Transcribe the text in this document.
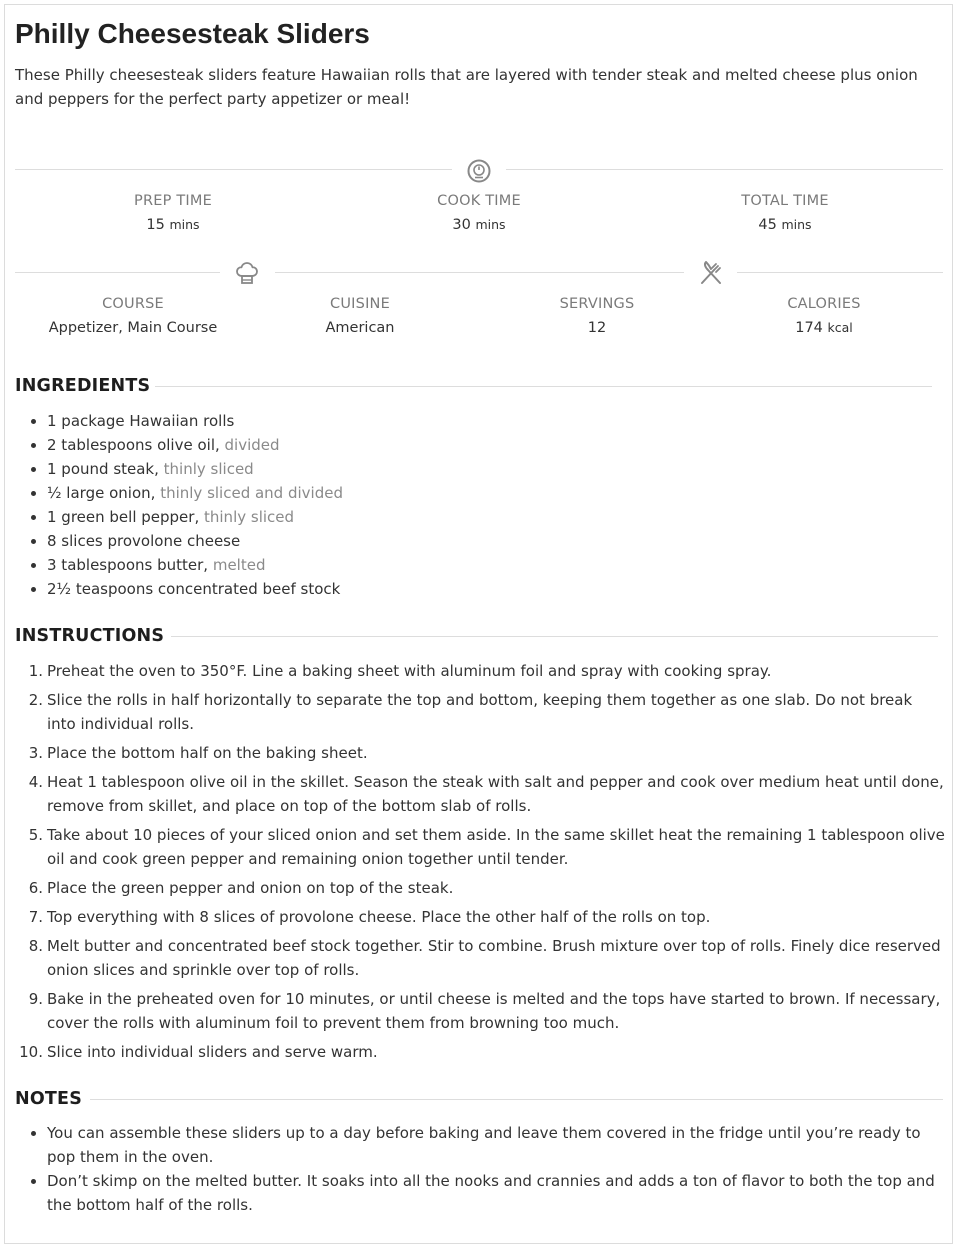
Philly Cheesesteak Sliders
These Philly cheesesteak sliders feature Hawaiian rolls that are layered with tender steak and melted cheese plus onion and peppers for the perfect party appetizer or meal!
PREP TIME
15 mins
COOK TIME
30 mins
TOTAL TIME
45 mins
COURSE
Appetizer, Main Course
CUISINE
American
SERVINGS
12
CALORIES
174 kcal
INGREDIENTS
1 package Hawaiian rolls
2 tablespoons olive oil, divided
1 pound steak, thinly sliced
½ large onion, thinly sliced and divided
1 green bell pepper, thinly sliced
8 slices provolone cheese
3 tablespoons butter, melted
2½ teaspoons concentrated beef stock
INSTRUCTIONS
1. Preheat the oven to 350°F. Line a baking sheet with aluminum foil and spray with cooking spray.
2. Slice the rolls in half horizontally to separate the top and bottom, keeping them together as one slab. Do not break into individual rolls.
3. Place the bottom half on the baking sheet.
4. Heat 1 tablespoon olive oil in the skillet. Season the steak with salt and pepper and cook over medium heat until done, remove from skillet, and place on top of the bottom slab of rolls.
5. Take about 10 pieces of your sliced onion and set them aside. In the same skillet heat the remaining 1 tablespoon olive oil and cook green pepper and remaining onion together until tender.
6. Place the green pepper and onion on top of the steak.
7. Top everything with 8 slices of provolone cheese. Place the other half of the rolls on top.
8. Melt butter and concentrated beef stock together. Stir to combine. Brush mixture over top of rolls. Finely dice reserved onion slices and sprinkle over top of rolls.
9. Bake in the preheated oven for 10 minutes, or until cheese is melted and the tops have started to brown. If necessary, cover the rolls with aluminum foil to prevent them from browning too much.
10. Slice into individual sliders and serve warm.
NOTES
You can assemble these sliders up to a day before baking and leave them covered in the fridge until you’re ready to pop them in the oven.
Don’t skimp on the melted butter. It soaks into all the nooks and crannies and adds a ton of flavor to both the top and the bottom half of the rolls.
